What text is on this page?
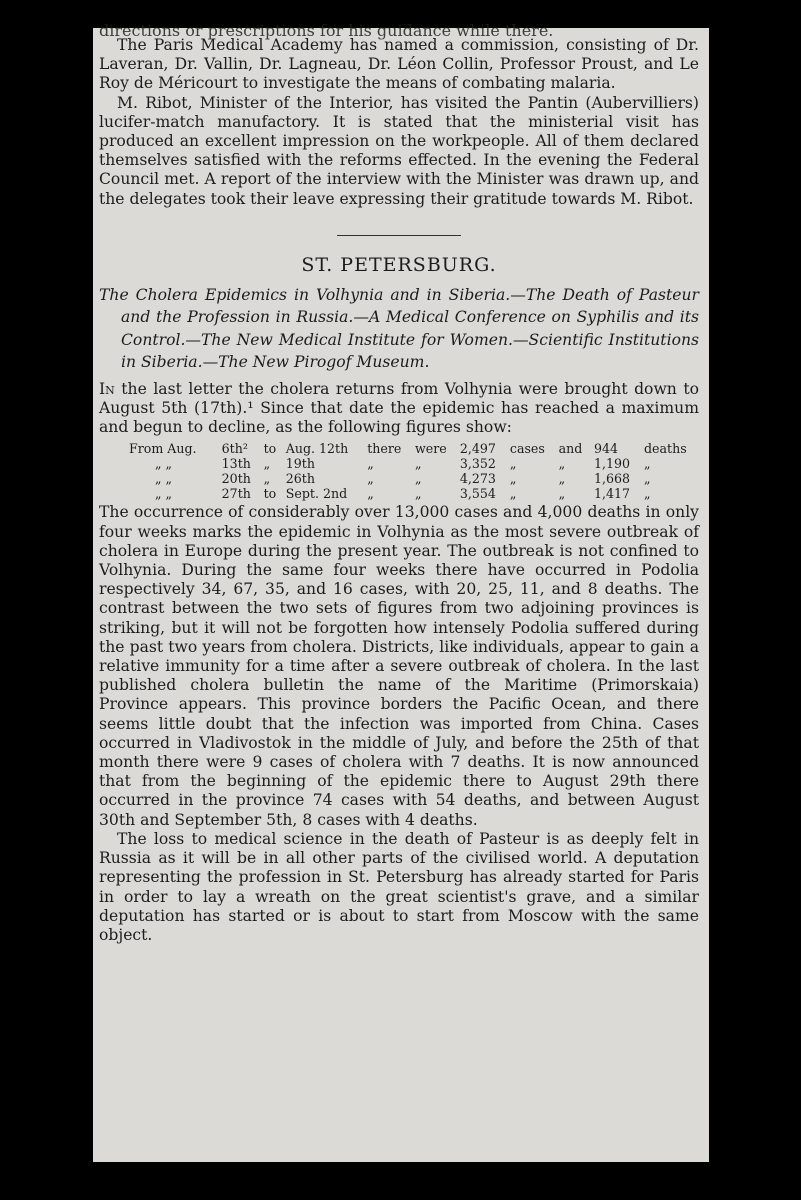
directions or prescriptions for his guidance while there.

The Paris Medical Academy has named a commission, consisting of Dr. Laveran, Dr. Vallin, Dr. Lagneau, Dr. Léon Collin, Professor Proust, and Le Roy de Méricourt to investigate the means of combating malaria.

M. Ribot, Minister of the Interior, has visited the Pantin (Aubervilliers) lucifer-match manufactory. It is stated that the ministerial visit has produced an excellent impression on the workpeople. All of them declared themselves satisfied with the reforms effected. In the evening the Federal Council met. A report of the interview with the Minister was drawn up, and the delegates took their leave expressing their gratitude towards M. Ribot.

ST. PETERSBURG.
The Cholera Epidemics in Volhynia and in Siberia.—The Death of Pasteur and the Profession in Russia.—A Medical Conference on Syphilis and its Control.—The New Medical Institute for Women.—Scientific Institutions in Siberia.—The New Pirogof Museum.

In the last letter the cholera returns from Volhynia were brought down to August 5th (17th).¹ Since that date the epidemic has reached a maximum and begun to decline, as the following figures show:

From Aug.	6th²	to	Aug. 12th	there	were	2,497	cases	and	944	deaths
„ „	13th	„	19th	„	„	3,352	„	„	1,190	„
„ „	20th	„	26th	„	„	4,273	„	„	1,668	„
„ „	27th	to	Sept. 2nd	„	„	3,554	„	„	1,417	„

The occurrence of considerably over 13,000 cases and 4,000 deaths in only four weeks marks the epidemic in Volhynia as the most severe outbreak of cholera in Europe during the present year. The outbreak is not confined to Volhynia. During the same four weeks there have occurred in Podolia respectively 34, 67, 35, and 16 cases, with 20, 25, 11, and 8 deaths. The contrast between the two sets of figures from two adjoining provinces is striking, but it will not be forgotten how intensely Podolia suffered during the past two years from cholera. Districts, like individuals, appear to gain a relative immunity for a time after a severe outbreak of cholera. In the last published cholera bulletin the name of the Maritime (Primorskaia) Province appears. This province borders the Pacific Ocean, and there seems little doubt that the infection was imported from China. Cases occurred in Vladivostok in the middle of July, and before the 25th of that month there were 9 cases of cholera with 7 deaths. It is now announced that from the beginning of the epidemic there to August 29th there occurred in the province 74 cases with 54 deaths, and between August 30th and September 5th, 8 cases with 4 deaths.

The loss to medical science in the death of Pasteur is as deeply felt in Russia as it will be in all other parts of the civilised world. A deputation representing the profession in St. Petersburg has already started for Paris in order to lay a wreath on the great scientist's grave, and a similar deputation has started or is about to start from Moscow with the same object.
